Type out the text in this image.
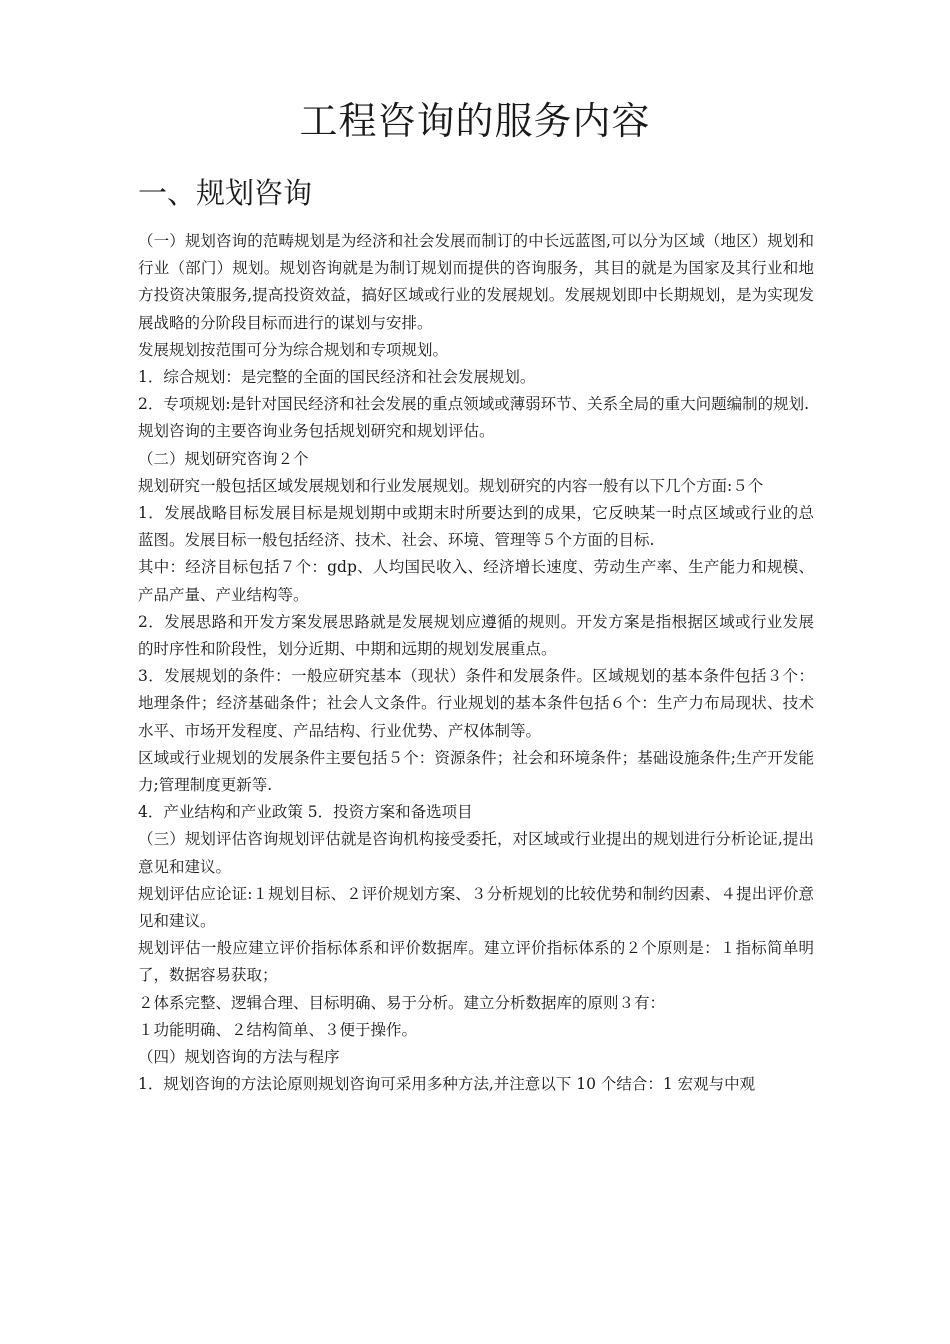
工程咨询的服务内容
一、规划咨询

（一）规划咨询的范畴规划是为经济和社会发展而制订的中长远蓝图,可以分为区域（地区）规划和行业（部门）规划。规划咨询就是为制订规划而提供的咨询服务，其目的就是为国家及其行业和地方投资决策服务,提高投资效益，搞好区域或行业的发展规划。发展规划即中长期规划，是为实现发展战略的分阶段目标而进行的谋划与安排。

发展规划按范围可分为综合规划和专项规划。

1．综合规划：是完整的全面的国民经济和社会发展规划。

2．专项规划:是针对国民经济和社会发展的重点领域或薄弱环节、关系全局的重大问题编制的规划.

规划咨询的主要咨询业务包括规划研究和规划评估。

（二）规划研究咨询２个

规划研究一般包括区域发展规划和行业发展规划。规划研究的内容一般有以下几个方面:５个

1．发展战略目标发展目标是规划期中或期末时所要达到的成果，它反映某一时点区域或行业的总蓝图。发展目标一般包括经济、技术、社会、环境、管理等５个方面的目标.

其中：经济目标包括７个：gdp、人均国民收入、经济增长速度、劳动生产率、生产能力和规模、产品产量、产业结构等。

2．发展思路和开发方案发展思路就是发展规划应遵循的规则。开发方案是指根据区域或行业发展的时序性和阶段性，划分近期、中期和远期的规划发展重点。

3．发展规划的条件：一般应研究基本（现状）条件和发展条件。区域规划的基本条件包括３个：地理条件；经济基础条件；社会人文条件。行业规划的基本条件包括６个：生产力布局现状、技术水平、市场开发程度、产品结构、行业优势、产权体制等。

区域或行业规划的发展条件主要包括５个：资源条件；社会和环境条件；基础设施条件;生产开发能力;管理制度更新等.

4．产业结构和产业政策 5．投资方案和备选项目

（三）规划评估咨询规划评估就是咨询机构接受委托，对区域或行业提出的规划进行分析论证,提出意见和建议。

规划评估应论证:１规划目标、２评价规划方案、３分析规划的比较优势和制约因素、４提出评价意见和建议。

规划评估一般应建立评价指标体系和评价数据库。建立评价指标体系的２个原则是：１指标简单明了，数据容易获取；

２体系完整、逻辑合理、目标明确、易于分析。建立分析数据库的原则３有：

１功能明确、２结构简单、３便于操作。

（四）规划咨询的方法与程序

1．规划咨询的方法论原则规划咨询可采用多种方法,并注意以下 10 个结合：1 宏观与中观
